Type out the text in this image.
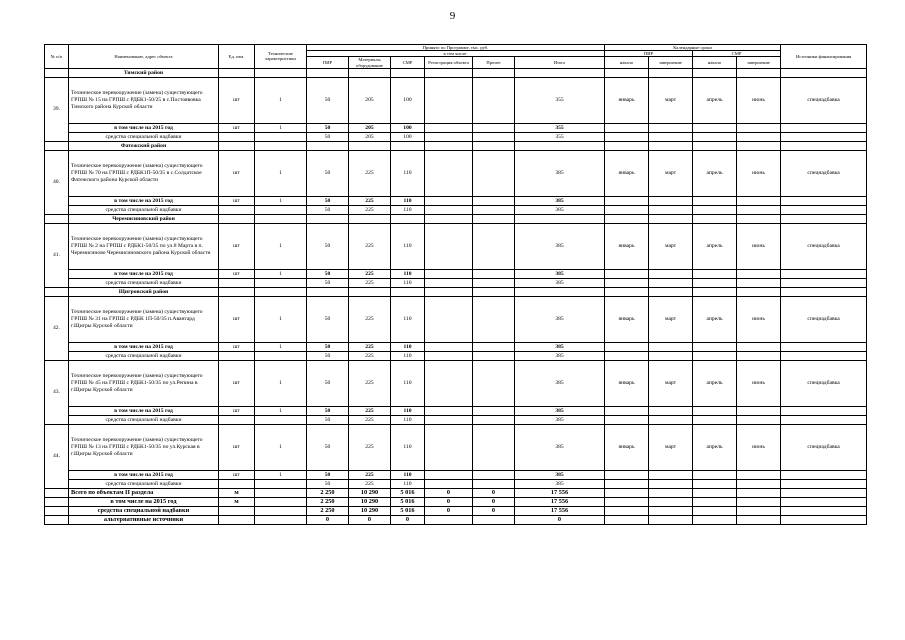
9
№ п/п	Наименование, адрес объекта	Ед. изм.	Технические характеристики	Принято по Программе, тыс. руб.						Календарные сроки				Источники финансирования
				в том числе:						ПИР		СМР		
				ПИР	Материалы оборудование	СМР	Регистрация объекта	Прочее	Итого	начало	завершение	начало	завершение	
	Тимский район													
39.	Техническое перевооружение (замена) существующего ГРПШ № 15 на ГРПШ с РДБК1-50/25 в с.Постоявовка Тимского района Курской области	шт	1	50	205	100			355	январь	март	апрель	июнь	спецнадбавка
	в том числе на 2015 год	шт	1	50	205	100			355					
	средства специальной надбавки			50	205	100			355					
	Фатежский район													
40.	Техническое перевооружение (замена) существующего ГРПШ № 70 на ГРПШ с РДБК1П-50/35 в с.Солдатское Фатежского района Курской области	шт	1	50	225	110			385	январь	март	апрель	июнь	спецнадбавка
	в том числе на 2015 год	шт	1	50	225	110			385					
	средства специальной надбавки			50	225	110			385					
	Черемисиновский район													
41.	Техническое перевооружение (замена) существующего ГРПШ № 2 на ГРПШ с РДБК1-50/35 по ул.8 Марта в п. Черемисиново Черемисиновского района Курской области	шт	1	50	225	110			385	январь	март	апрель	июнь	спецнадбавка
	в том числе на 2015 год	шт	1	50	225	110			385					
	средства специальной надбавки			50	225	110			385					
	Щигровский район													
42.	Техническое перевооружение (замена) существующего ГРПШ № 31 на ГРПШ с РДБК 1П-50/35 п.Авангард г.Щигры Курской области	шт	1	50	225	110			385	январь	март	апрель	июнь	спецнадбавка
	в том числе на 2015 год	шт	1	50	225	110			385					
	средства специальной надбавки			50	225	110			385					
43.	Техническое перевооружение (замена) существующего ГРПШ № 45 на ГРПШ с РДБК1-50/35 по ул.Репина в г.Щигры Курской области	шт	1	50	225	110			385	январь	март	апрель	июнь	спецнадбавка
	в том числе на 2015 год	шт	1	50	225	110			385					
	средства специальной надбавки			50	225	110			385					
44.	Техническое перевооружение (замена) существующего ГРПШ № 13 на ГРПШ с РДБК1-50/35 по ул.Курская в г.Щигры Курской области	шт	1	50	225	110			385	январь	март	апрель	июнь	спецнадбавка
	в том числе на 2015 год	шт	1	50	225	110			385					
	средства специальной надбавки			50	225	110			385					
	Всего по объектам II раздела	м		2 250	10 290	5 016	0	0	17 556					
	в том числе на 2015 год	м		2 250	10 290	5 016	0	0	17 556					
	средства специальной надбавки			2 250	10 290	5 016	0	0	17 556					
	альтернативные источники			0	0	0			0					
